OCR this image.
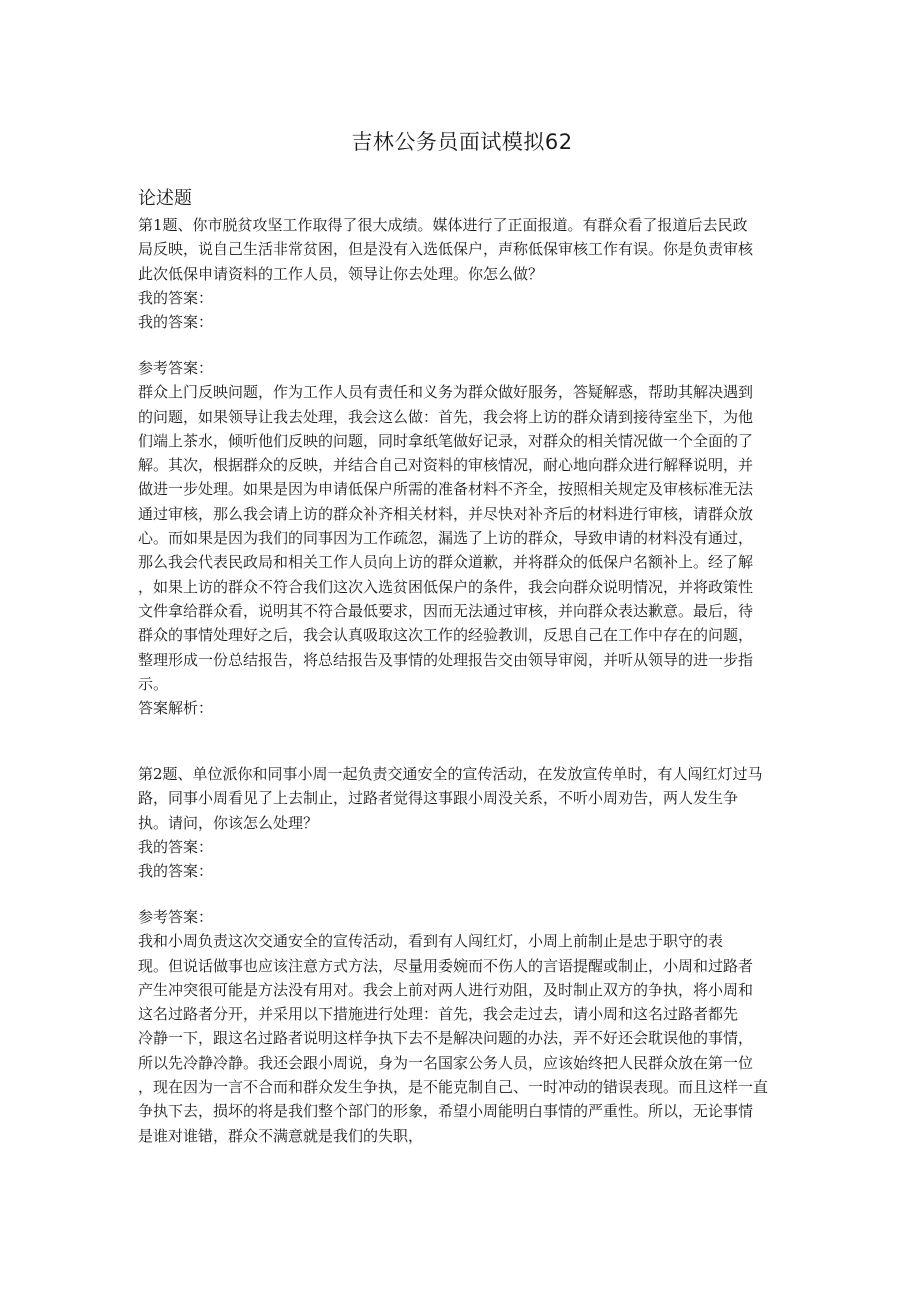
吉林公务员面试模拟62
论述题
第1题、你市脱贫攻坚工作取得了很大成绩。媒体进行了正面报道。有群众看了报道后去民政
局反映，说自己生活非常贫困，但是没有入选低保户，声称低保审核工作有误。你是负责审核
此次低保申请资料的工作人员，领导让你去处理。你怎么做？
我的答案：
我的答案：
参考答案：
群众上门反映问题，作为工作人员有责任和义务为群众做好服务，答疑解惑，帮助其解决遇到
的问题，如果领导让我去处理，我会这么做：首先，我会将上访的群众请到接待室坐下，为他
们端上茶水，倾听他们反映的问题，同时拿纸笔做好记录，对群众的相关情况做一个全面的了
解。其次，根据群众的反映，并结合自己对资料的审核情况，耐心地向群众进行解释说明，并
做进一步处理。如果是因为申请低保户所需的准备材料不齐全，按照相关规定及审核标准无法
通过审核，那么我会请上访的群众补齐相关材料，并尽快对补齐后的材料进行审核，请群众放
心。而如果是因为我们的同事因为工作疏忽，漏选了上访的群众，导致申请的材料没有通过，
那么我会代表民政局和相关工作人员向上访的群众道歉，并将群众的低保户名额补上。经了解
，如果上访的群众不符合我们这次入选贫困低保户的条件，我会向群众说明情况，并将政策性
文件拿给群众看，说明其不符合最低要求，因而无法通过审核，并向群众表达歉意。最后，待
群众的事情处理好之后，我会认真吸取这次工作的经验教训，反思自己在工作中存在的问题，
整理形成一份总结报告，将总结报告及事情的处理报告交由领导审阅，并听从领导的进一步指
示。
答案解析：
第2题、单位派你和同事小周一起负责交通安全的宣传活动，在发放宣传单时，有人闯红灯过马
路，同事小周看见了上去制止，过路者觉得这事跟小周没关系，不听小周劝告，两人发生争
执。请问，你该怎么处理？
我的答案：
我的答案：
参考答案：
我和小周负责这次交通安全的宣传活动，看到有人闯红灯，小周上前制止是忠于职守的表
现。但说话做事也应该注意方式方法，尽量用委婉而不伤人的言语提醒或制止，小周和过路者
产生冲突很可能是方法没有用对。我会上前对两人进行劝阻，及时制止双方的争执，将小周和
这名过路者分开，并采用以下措施进行处理：首先，我会走过去，请小周和这名过路者都先
冷静一下，跟这名过路者说明这样争执下去不是解决问题的办法，弄不好还会耽误他的事情，
所以先冷静冷静。我还会跟小周说，身为一名国家公务人员，应该始终把人民群众放在第一位
，现在因为一言不合而和群众发生争执，是不能克制自己、一时冲动的错误表现。而且这样一直
争执下去，损坏的将是我们整个部门的形象，希望小周能明白事情的严重性。所以，无论事情
是谁对谁错，群众不满意就是我们的失职，
